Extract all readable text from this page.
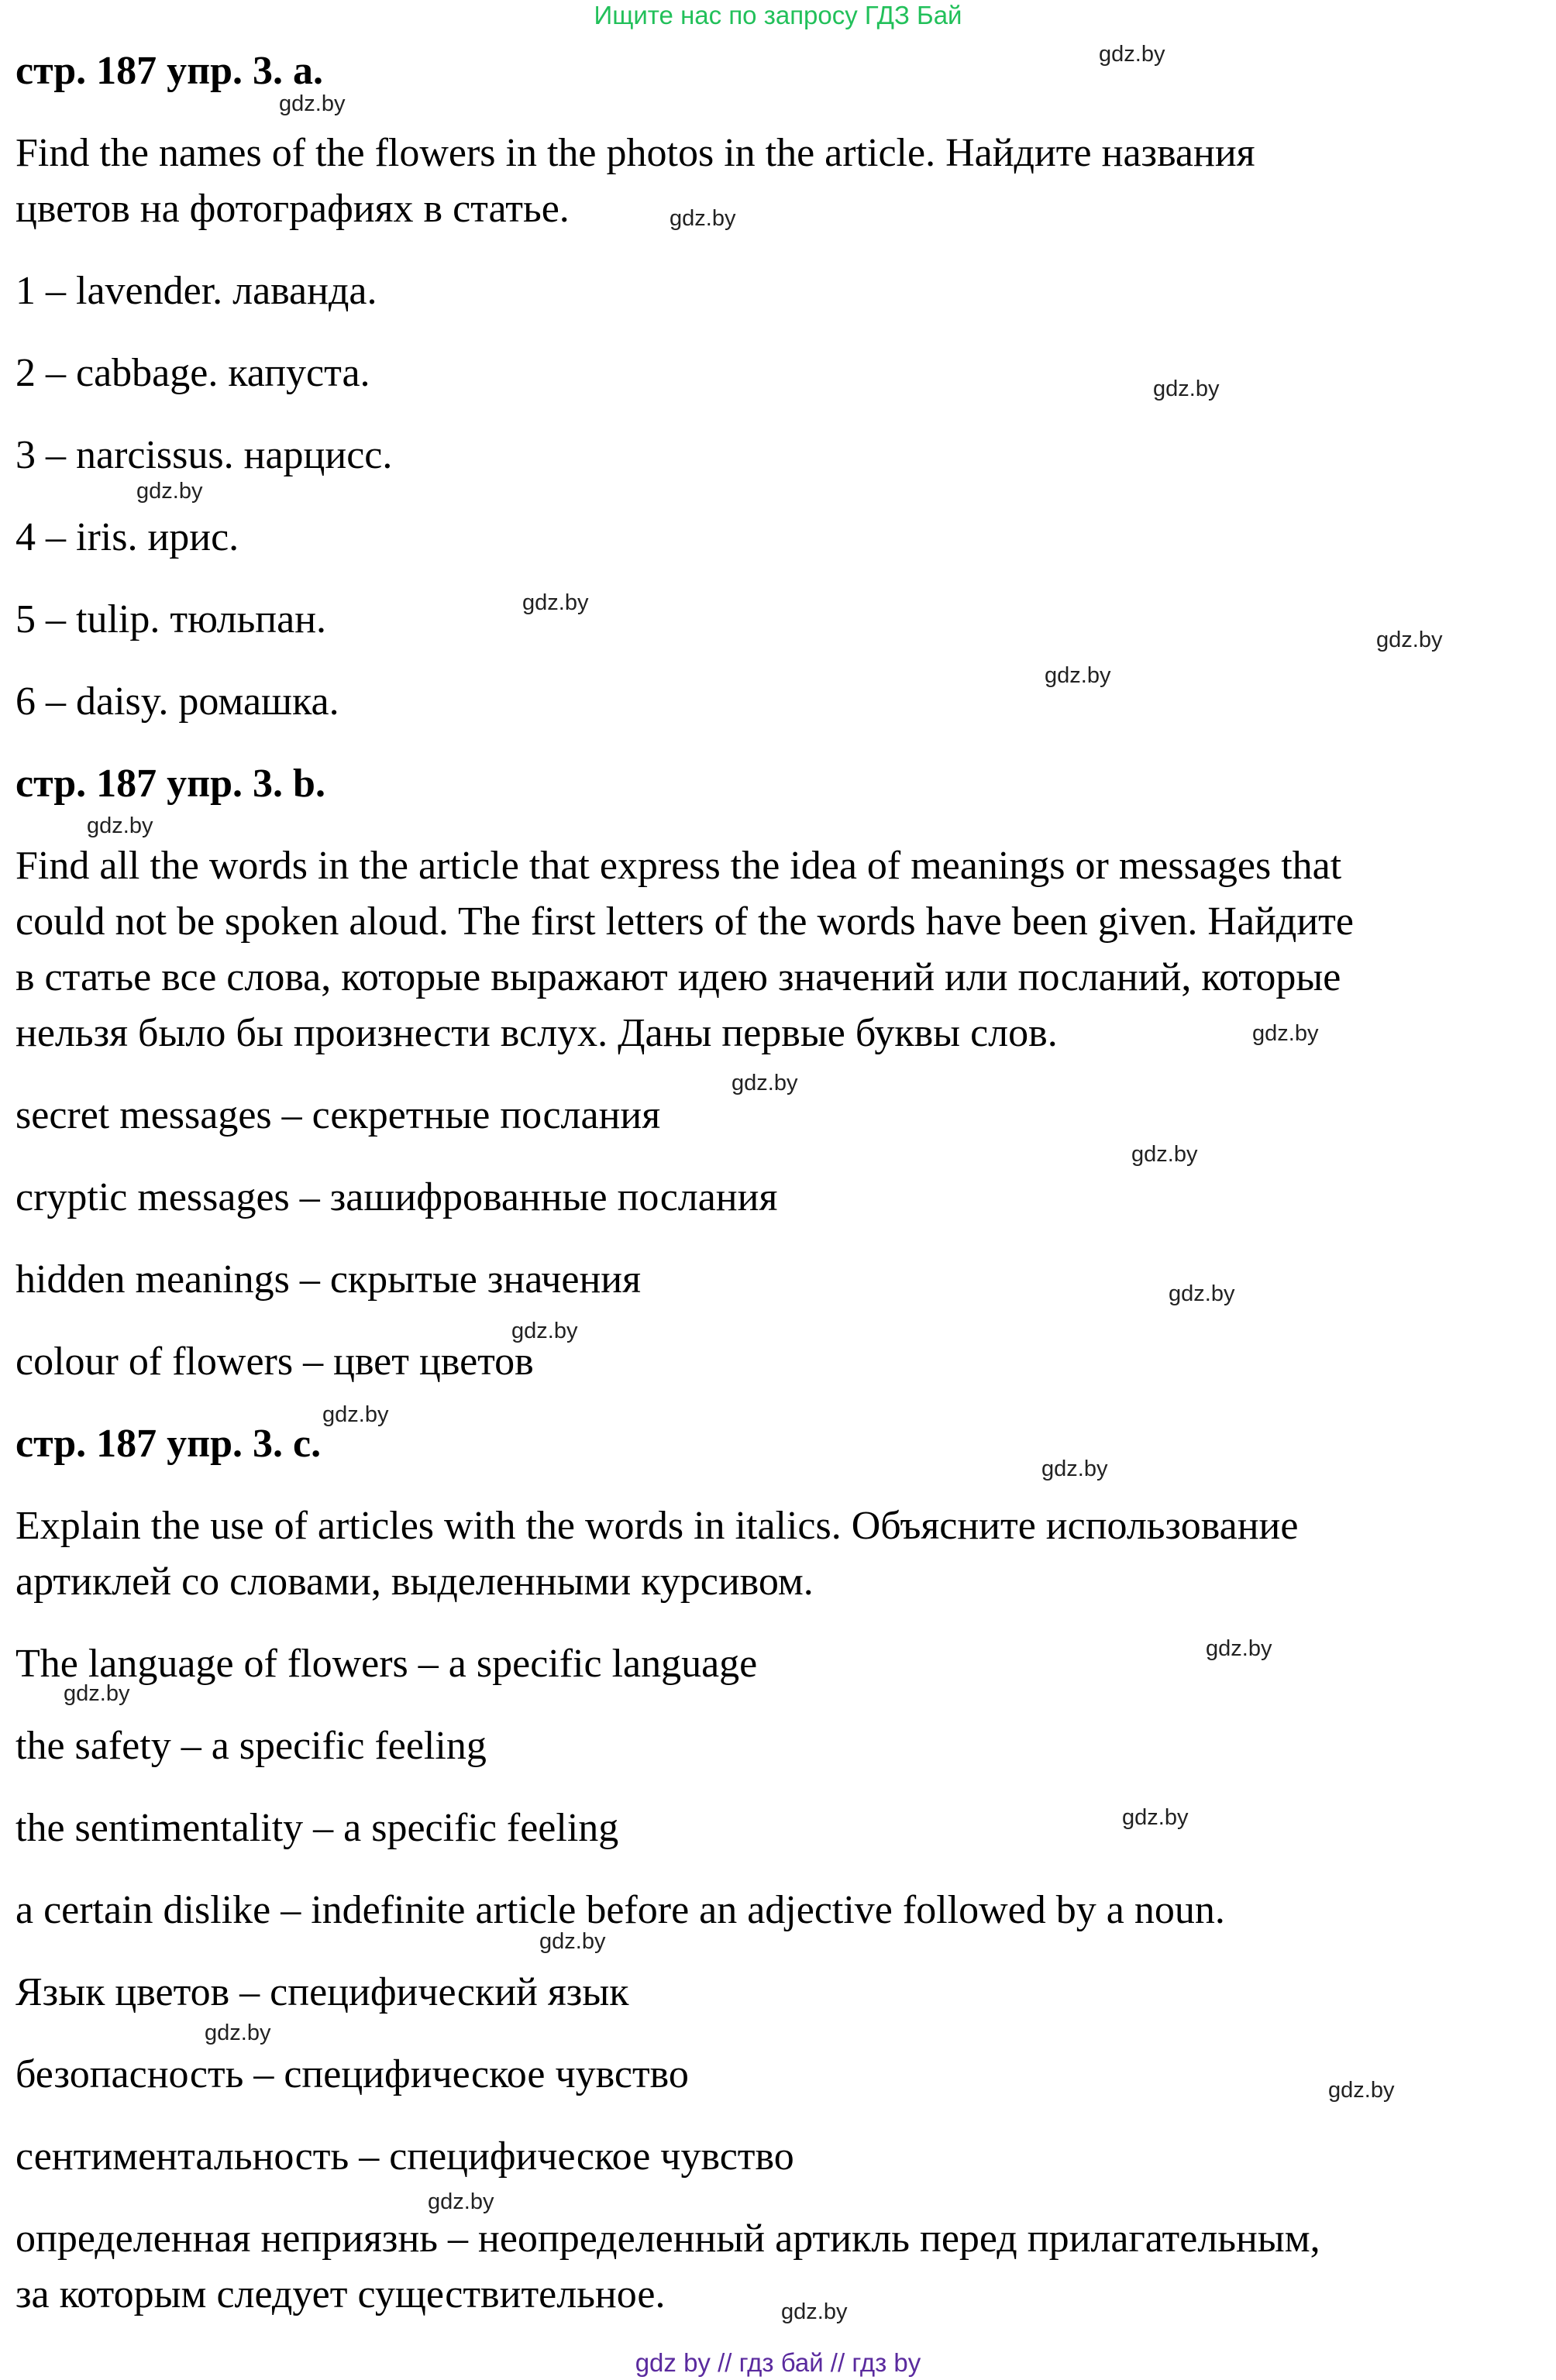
Ищите нас по запросу ГДЗ Бай
стр. 187 упр. 3. a.
Find the names of the flowers in the photos in the article. Найдите названия
цветов на фотографиях в статье.
1 – lavender. лаванда.
2 – cabbage. капуста.
3 – narcissus. нарцисс.
4 – iris. ирис.
5 – tulip. тюльпан.
6 – daisy. ромашка.
стр. 187 упр. 3. b.
Find all the words in the article that express the idea of meanings or messages that
could not be spoken aloud. The first letters of the words have been given. Найдите
в статье все слова, которые выражают идею значений или посланий, которые
нельзя было бы произнести вслух. Даны первые буквы слов.
secret messages – секретные послания
cryptic messages – зашифрованные послания
hidden meanings – скрытые значения
colour of flowers – цвет цветов
стр. 187 упр. 3. c.
Explain the use of articles with the words in italics. Объясните использование
артиклей со словами, выделенными курсивом.
The language of flowers – a specific language
the safety – a specific feeling
the sentimentality – a specific feeling
a certain dislike – indefinite article before an adjective followed by a noun.
Язык цветов – специфический язык
безопасность – специфическое чувство
сентиментальность – специфическое чувство
определенная неприязнь – неопределенный артикль перед прилагательным,
за которым следует существительное.
gdz.by
gdz.by
gdz.by
gdz.by
gdz.by
gdz.by
gdz.by
gdz.by
gdz.by
gdz.by
gdz.by
gdz.by
gdz.by
gdz.by
gdz.by
gdz.by
gdz.by
gdz.by
gdz.by
gdz.by
gdz.by
gdz.by
gdz.by
gdz.by
gdz by // гдз бай // гдз by
